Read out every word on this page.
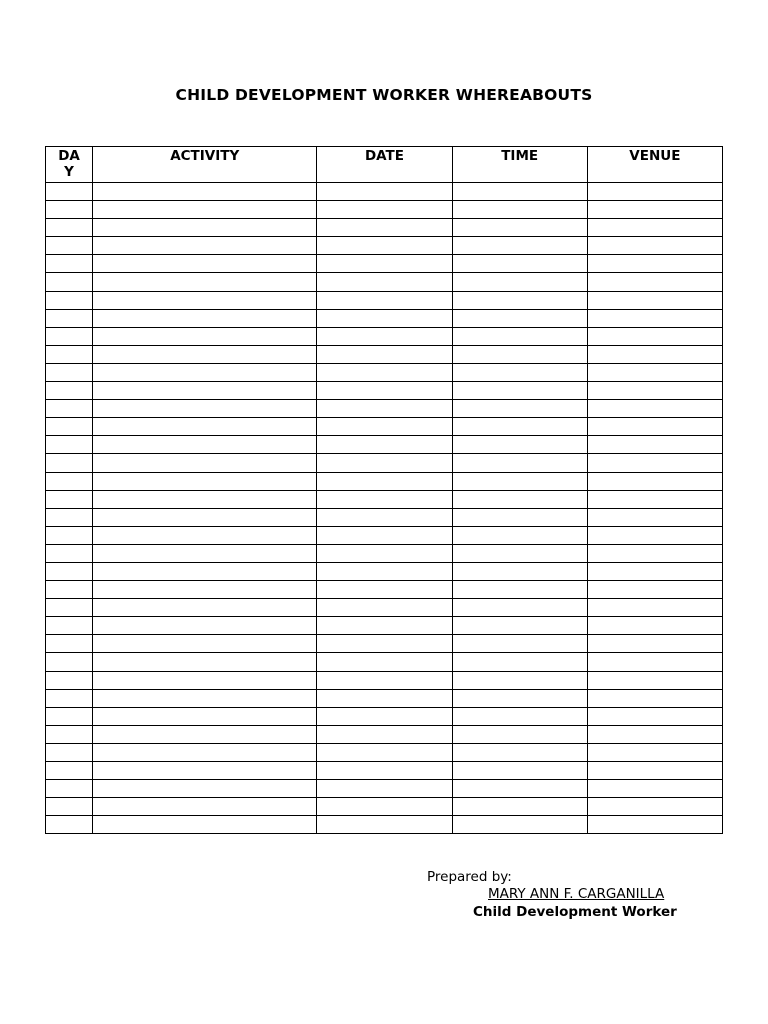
CHILD DEVELOPMENT WORKER WHEREABOUTS
DA
Y	ACTIVITY	DATE	TIME	VENUE

Prepared by:
MARY ANN F. CARGANILLA
Child Development Worker
